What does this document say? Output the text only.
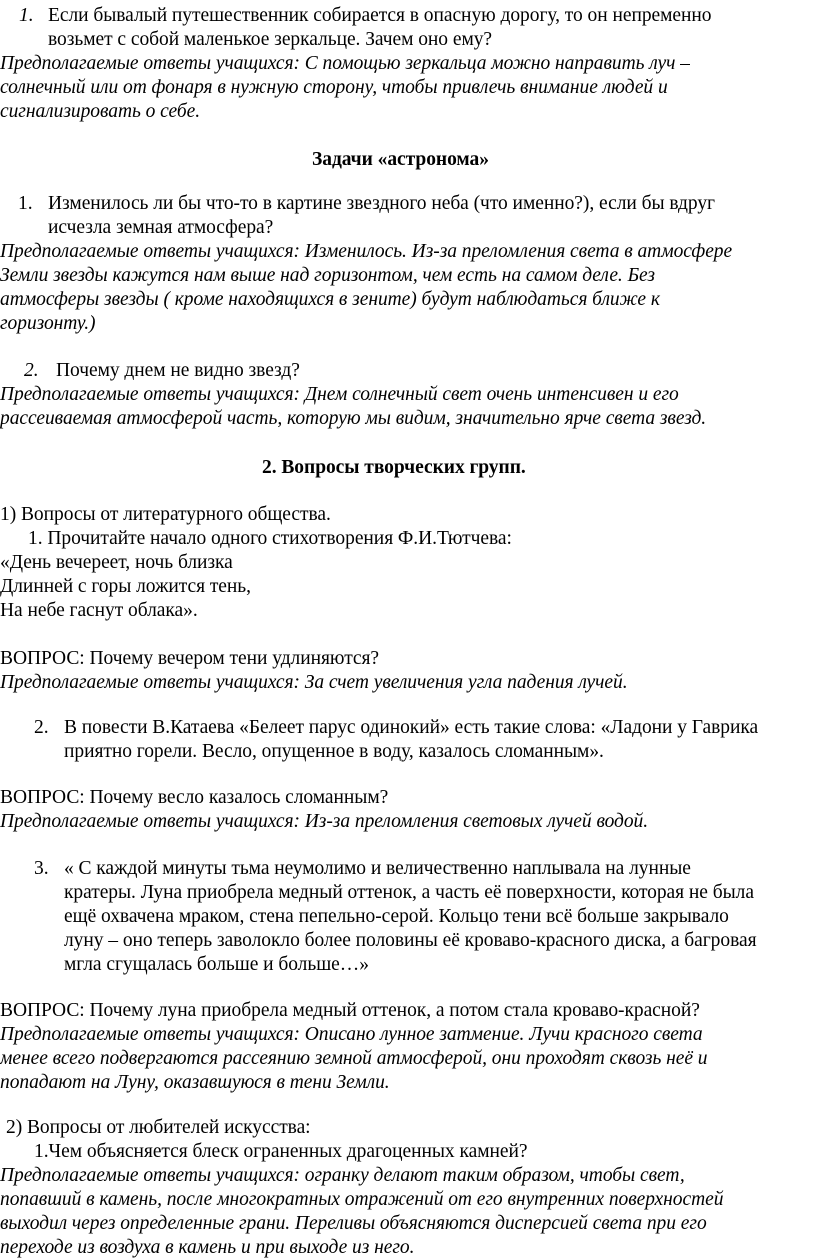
1. Если бывалый путешественник собирается в опасную дорогу, то он непременно
возьмет с собой маленькое зеркальце. Зачем оно ему?
Предполагаемые ответы учащихся: С помощью зеркальца можно направить луч –
солнечный или от фонаря в нужную сторону, чтобы привлечь внимание людей и
сигнализировать о себе.
Задачи «астронома»
1. Изменилось ли бы что-то в картине звездного неба (что именно?), если бы вдруг
исчезла земная атмосфера?
Предполагаемые ответы учащихся: Изменилось. Из-за преломления света в атмосфере
Земли звезды кажутся нам выше над горизонтом, чем есть на самом деле. Без
атмосферы звезды ( кроме находящихся в зените) будут наблюдаться ближе к
горизонту.)
2. Почему днем не видно звезд?
Предполагаемые ответы учащихся: Днем солнечный свет очень интенсивен и его
рассеиваемая атмосферой часть, которую мы видим, значительно ярче света звезд.
2. Вопросы творческих групп.
1) Вопросы от литературного общества.
1. Прочитайте начало одного стихотворения Ф.И.Тютчева:
«День вечереет, ночь близка
Длинней с горы ложится тень,
На небе гаснут облака».
ВОПРОС: Почему вечером тени удлиняются?
Предполагаемые ответы учащихся: За счет увеличения угла падения лучей.
2. В повести В.Катаева «Белеет парус одинокий» есть такие слова: «Ладони у Гаврика
приятно горели. Весло, опущенное в воду, казалось сломанным».
ВОПРОС: Почему весло казалось сломанным?
Предполагаемые ответы учащихся: Из-за преломления световых лучей водой.
3. « С каждой минуты тьма неумолимо и величественно наплывала на лунные
кратеры. Луна приобрела медный оттенок, а часть её поверхности, которая не была
ещё охвачена мраком, стена пепельно-серой. Кольцо тени всё больше закрывало
луну – оно теперь заволокло более половины её кроваво-красного диска, а багровая
мгла сгущалась больше и больше…»
ВОПРОС: Почему луна приобрела медный оттенок, а потом стала кроваво-красной?
Предполагаемые ответы учащихся: Описано лунное затмение. Лучи красного света
менее всего подвергаются рассеянию земной атмосферой, они проходят сквозь неё и
попадают на Луну, оказавшуюся в тени Земли.
2) Вопросы от любителей искусства:
1.Чем объясняется блеск ограненных драгоценных камней?
Предполагаемые ответы учащихся: огранку делают таким образом, чтобы свет,
попавший в камень, после многократных отражений от его внутренних поверхностей
выходил через определенные грани. Переливы объясняются дисперсией света при его
переходе из воздуха в камень и при выходе из него.
